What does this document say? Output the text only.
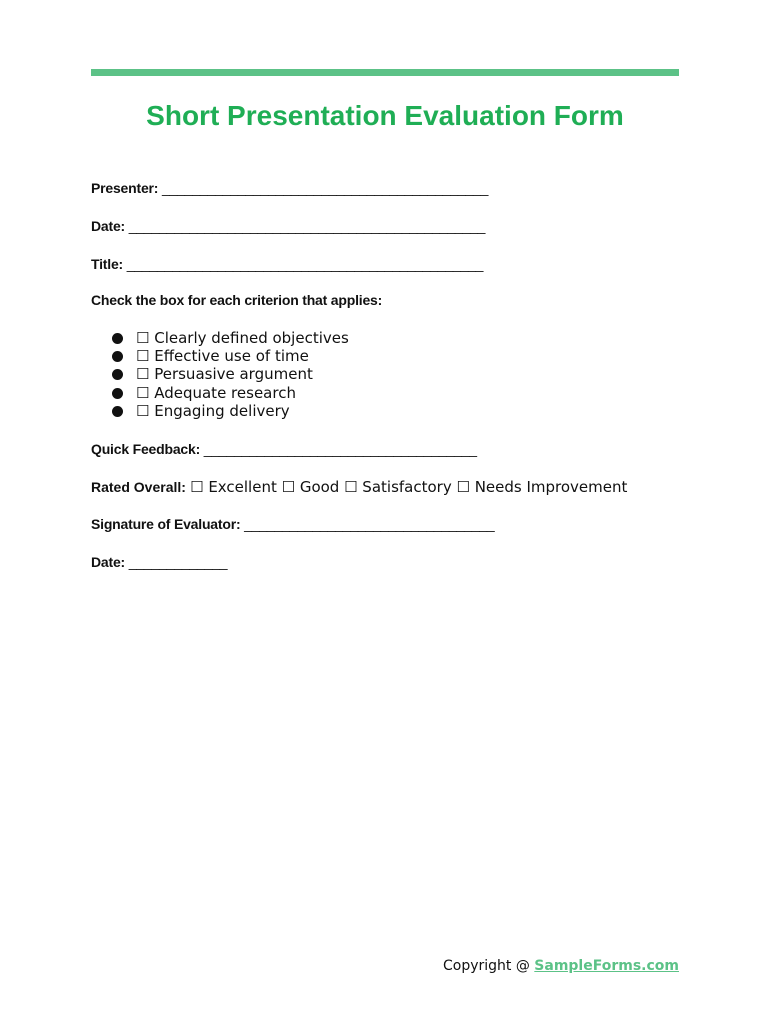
Short Presentation Evaluation Form
Presenter: ___________________________________________
Date: _______________________________________________
Title: _______________________________________________
Check the box for each criterion that applies:
☐ Clearly defined objectives
☐ Effective use of time
☐ Persuasive argument
☐ Adequate research
☐ Engaging delivery
Quick Feedback: ____________________________________
Rated Overall: ☐ Excellent ☐ Good ☐ Satisfactory ☐ Needs Improvement
Signature of Evaluator: _________________________________
Date: _____________
Copyright @ SampleForms.com
